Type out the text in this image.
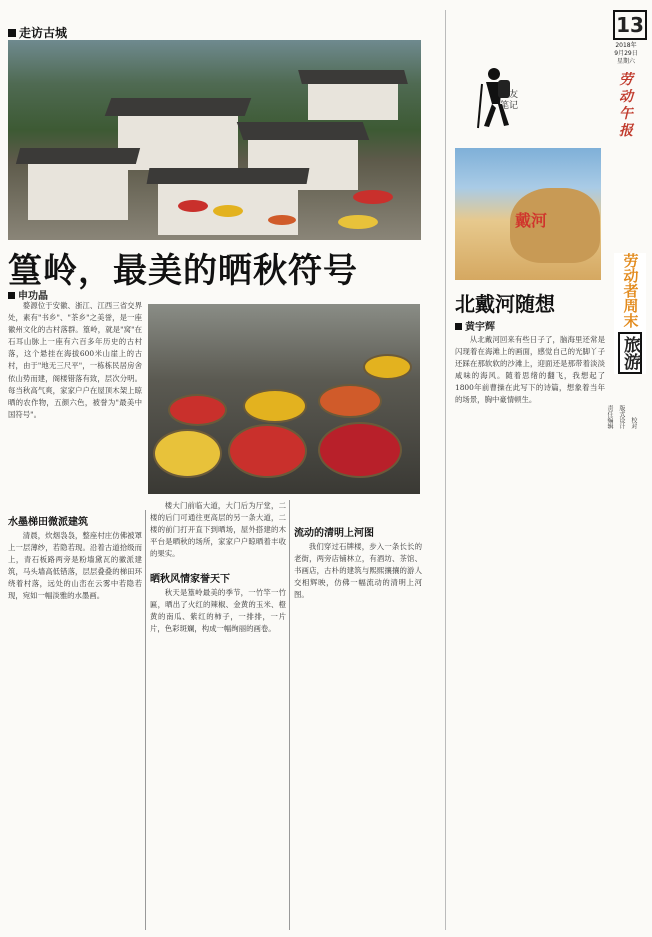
走访古城
篁岭，最美的晒秋符号
申功晶

婺源位于安徽、浙江、江西三省交界处，素有"书乡"、"茶乡"之美誉，是一座徽州文化的古村落群。篁岭，就是"窝"在石耳山脉上一座有六百多年历史的古村落，这个悬挂在海拔600米山崖上的古村，由于"地无三尺平"，一栋栋民居房舍依山势而建，阁楼错落有致，层次分明。每当秋高气爽，家家户户在屋顶木架上晾晒的农作物，五颜六色，被誉为"最美中国符号"。

水墨梯田微派建筑

清晨，炊烟袅袅，整座村庄仿佛被罩上一层薄纱，若隐若现。沿着古道拾级而上，青石板路两旁是粉墙黛瓦的徽派建筑，马头墙高低错落，层层叠叠的梯田环绕着村落，远处的山峦在云雾中若隐若现，宛如一幅淡雅的水墨画。

楼大门前临大道，大门后为厅堂，二楼的后门可通往更高层的另一条大道，二楼的前门打开直下到晒场，屋外搭建的木平台是晒秋的场所，家家户户晾晒着丰收的果实。

晒秋风情家誉天下

秋天是篁岭最美的季节，一竹竿一竹匾，晒出了火红的辣椒、金黄的玉米、橙黄的南瓜、紫红的柿子，一排排，一片片，色彩斑斓，构成一幅绚丽的画卷。

流动的清明上河图

我们穿过石牌楼，步入一条长长的老街，两旁店铺林立，有酒坊、茶馆、书画店，古朴的建筑与熙熙攘攘的游人交相辉映，仿佛一幅流动的清明上河图。

13
2018年
9月29日
星期六
劳动午报
驴友
笔记
戴河
劳动者周末
旅游
责任编辑 版式设计 校对
北戴河随想
黄宇辉

从北戴河回来有些日子了，脑海里还常是闪现着在海滩上的画面，感觉自己的光脚丫子还踩在那软软的沙滩上，迎面还是那带着淡淡咸味的海风。随着思绪的翻飞，我想起了1800年前曹操在此写下的诗篇，想象着当年的场景，胸中豪情顿生。
